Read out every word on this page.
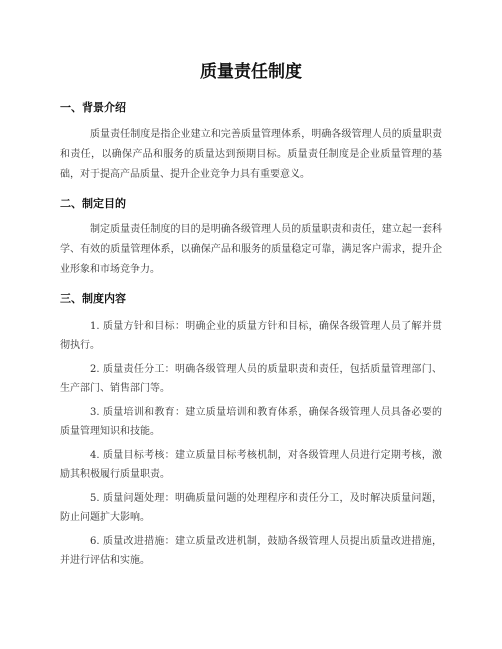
质量责任制度
一、背景介绍

质量责任制度是指企业建立和完善质量管理体系，明确各级管理人员的质量职责和责任，以确保产品和服务的质量达到预期目标。质量责任制度是企业质量管理的基础，对于提高产品质量、提升企业竞争力具有重要意义。

二、制定目的

制定质量责任制度的目的是明确各级管理人员的质量职责和责任，建立起一套科学、有效的质量管理体系，以确保产品和服务的质量稳定可靠，满足客户需求，提升企业形象和市场竞争力。

三、制度内容

1. 质量方针和目标：明确企业的质量方针和目标，确保各级管理人员了解并贯彻执行。

2. 质量责任分工：明确各级管理人员的质量职责和责任，包括质量管理部门、生产部门、销售部门等。

3. 质量培训和教育：建立质量培训和教育体系，确保各级管理人员具备必要的质量管理知识和技能。

4. 质量目标考核：建立质量目标考核机制，对各级管理人员进行定期考核，激励其积极履行质量职责。

5. 质量问题处理：明确质量问题的处理程序和责任分工，及时解决质量问题，防止问题扩大影响。

6. 质量改进措施：建立质量改进机制，鼓励各级管理人员提出质量改进措施，并进行评估和实施。
